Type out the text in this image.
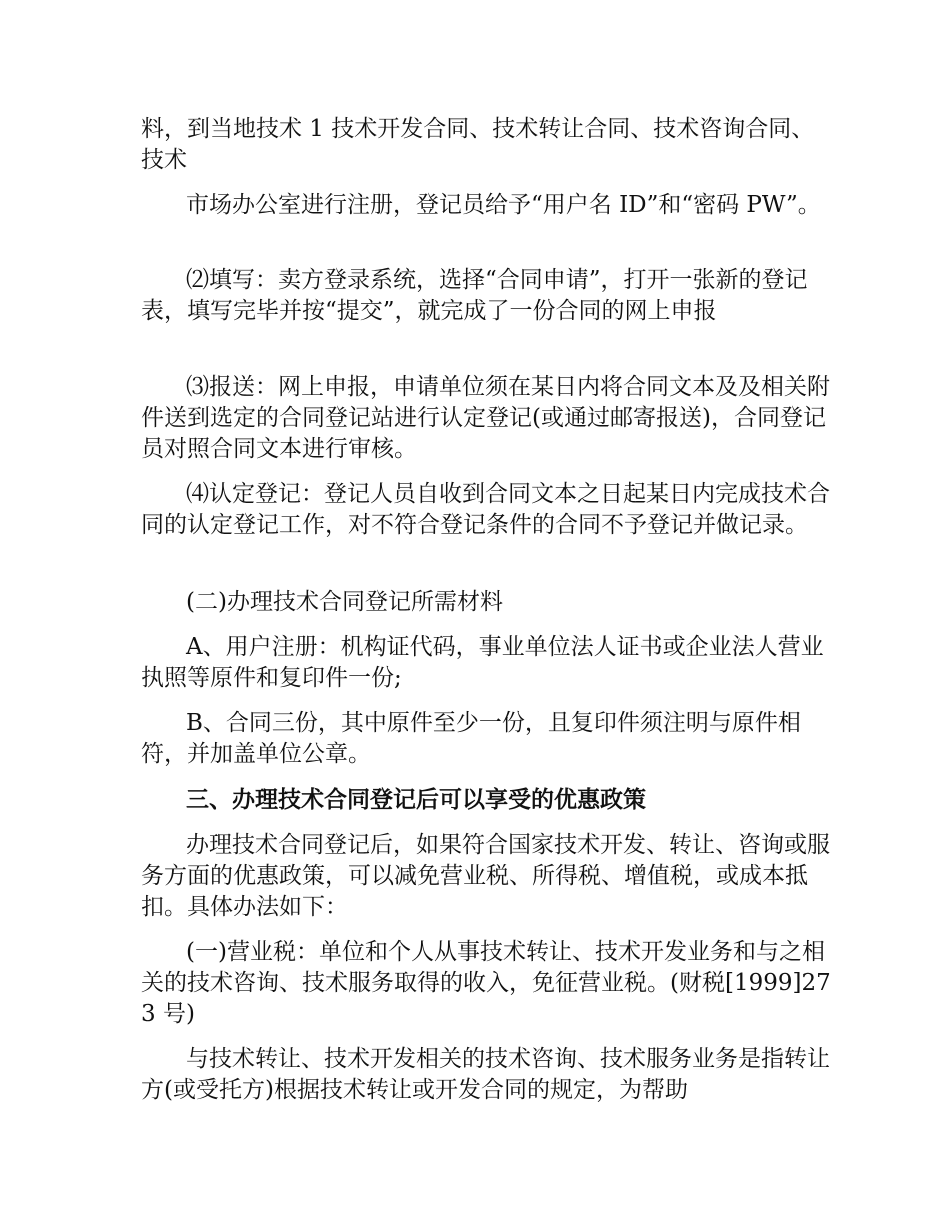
料，到当地技术 1 技术开发合同、技术转让合同、技术咨询合同、技术

市场办公室进行注册，登记员给予“用户名 ID”和“密码 PW”。

⑵填写：卖方登录系统，选择“合同申请”，打开一张新的登记表，填写完毕并按“提交”，就完成了一份合同的网上申报

⑶报送：网上申报，申请单位须在某日内将合同文本及及相关附件送到选定的合同登记站进行认定登记(或通过邮寄报送)，合同登记员对照合同文本进行审核。

⑷认定登记：登记人员自收到合同文本之日起某日内完成技术合同的认定登记工作，对不符合登记条件的合同不予登记并做记录。

(二)办理技术合同登记所需材料

A、用户注册：机构证代码，事业单位法人证书或企业法人营业执照等原件和复印件一份;

B、合同三份，其中原件至少一份，且复印件须注明与原件相符，并加盖单位公章。

三、办理技术合同登记后可以享受的优惠政策

办理技术合同登记后，如果符合国家技术开发、转让、咨询或服务方面的优惠政策，可以减免营业税、所得税、增值税，或成本抵扣。具体办法如下：

(一)营业税：单位和个人从事技术转让、技术开发业务和与之相关的技术咨询、技术服务取得的收入，免征营业税。(财税[1999]273 号)

与技术转让、技术开发相关的技术咨询、技术服务业务是指转让方(或受托方)根据技术转让或开发合同的规定，为帮助
